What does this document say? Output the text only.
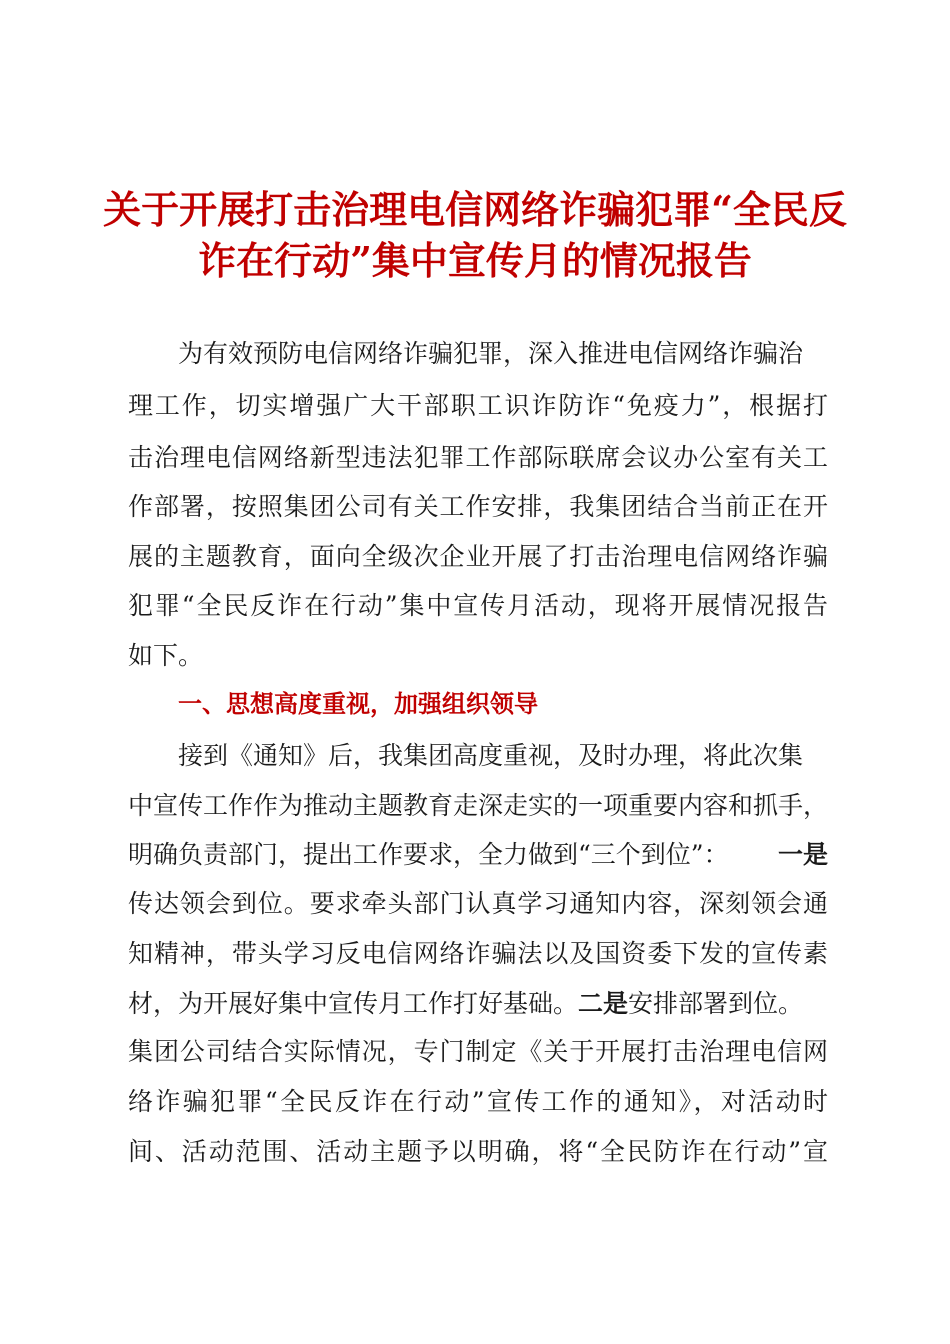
关于开展打击治理电信网络诈骗犯罪“全民反
诈在行动”集中宣传月的情况报告
为有效预防电信网络诈骗犯罪，深入推进电信网络诈骗治
理工作，切实增强广大干部职工识诈防诈“免疫力”，根据打
击治理电信网络新型违法犯罪工作部际联席会议办公室有关工
作部署，按照集团公司有关工作安排，我集团结合当前正在开
展的主题教育，面向全级次企业开展了打击治理电信网络诈骗
犯罪“全民反诈在行动”集中宣传月活动，现将开展情况报告
如下。
一、思想高度重视，加强组织领导
接到《通知》后，我集团高度重视，及时办理，将此次集
中宣传工作作为推动主题教育走深走实的一项重要内容和抓手，
明确负责部门，提出工作要求，全力做到“三个到位”： 一是
传达领会到位。要求牵头部门认真学习通知内容，深刻领会通
知精神，带头学习反电信网络诈骗法以及国资委下发的宣传素
材，为开展好集中宣传月工作打好基础。二是安排部署到位。
集团公司结合实际情况，专门制定《关于开展打击治理电信网
络诈骗犯罪“全民反诈在行动”宣传工作的通知》，对活动时
间、活动范围、活动主题予以明确，将“全民防诈在行动”宣
